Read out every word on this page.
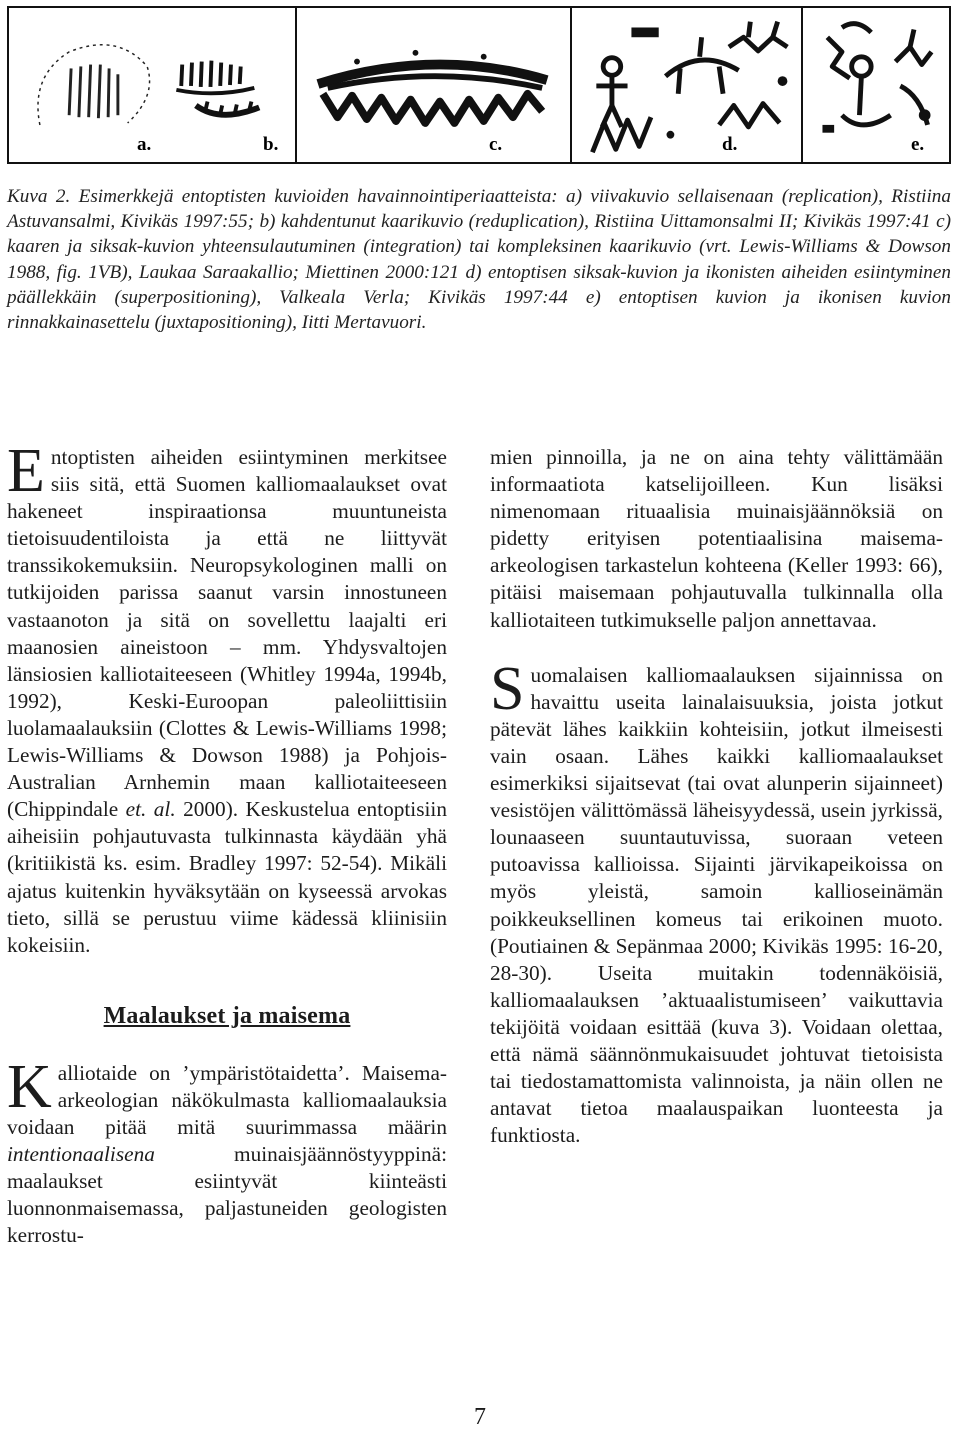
a.	b.	c.	d.	e.
Kuva 2. Esimerkkejä entoptisten kuvioiden havainnointiperiaatteista: a) viivakuvio sellaisenaan (replication), Ristiina Astuvansalmi, Kivikäs 1997:55; b) kahdentunut kaarikuvio (reduplication), Ristiina Uittamonsalmi II; Kivikäs 1997:41 c) kaaren ja siksak-kuvion yhteensulautuminen (integration) tai kompleksinen kaarikuvio (vrt. Lewis-Williams & Dowson 1988, fig. 1VB), Laukaa Saraakallio; Miettinen 2000:121 d) entoptisen siksak-kuvion ja ikonisten aiheiden esiintyminen päällekkäin (superpositioning), Valkeala Verla; Kivikäs 1997:44 e) entoptisen kuvion ja ikonisen kuvion rinnakkainasettelu (juxtapositioning), Iitti Mertavuori.

Entoptisten aiheiden esiintyminen merkitsee siis sitä, että Suomen kalliomaalaukset ovat hakeneet inspiraationsa muuntuneista tietoisuudentiloista ja että ne liittyvät transsikokemuksiin. Neuropsykologinen malli on tutkijoiden parissa saanut varsin innostuneen vastaanoton ja sitä on sovellettu laajalti eri maanosien aineistoon – mm. Yhdysvaltojen länsiosien kalliotaiteeseen (Whitley 1994a, 1994b, 1992), Keski-Euroopan paleoliittisiin luolamaalauksiin (Clottes & Lewis-Williams 1998; Lewis-Williams & Dowson 1988) ja Pohjois-Australian Arnhemin maan kalliotaiteeseen (Chippindale et. al. 2000). Keskustelua entoptisiin aiheisiin pohjautuvasta tulkinnasta käydään yhä (kritiikistä ks. esim. Bradley 1997: 52-54). Mikäli ajatus kuitenkin hyväksytään on kyseessä arvokas tieto, sillä se perustuu viime kädessä kliinisiin kokeisiin.

Maalaukset ja maisema

Kalliotaide on ’ympäristötaidetta’. Maisema-arkeologian näkökulmasta kalliomaalauksia voidaan pitää mitä suurimmassa määrin intentionaalisena	muinaisjäännöstyyppinä: maalaukset esiintyvät kiinteästi luonnonmaisemassa, paljastuneiden geologisten kerrostu-

mien pinnoilla, ja ne on aina tehty välittämään informaatiota katselijoilleen. Kun lisäksi nimenomaan rituaalisia muinaisjäännöksiä on pidetty erityisen potentiaalisina maisema-arkeologisen tarkastelun kohteena (Keller 1993: 66), pitäisi maisemaan pohjautuvalla tulkinnalla olla kalliotaiteen tutkimukselle paljon annettavaa.

Suomalaisen kalliomaalauksen sijainnissa on havaittu useita lainalaisuuksia, joista jotkut pätevät lähes kaikkiin kohteisiin, jotkut ilmeisesti vain osaan. Lähes kaikki kalliomaalaukset esimerkiksi sijaitsevat (tai ovat alunperin sijainneet) vesistöjen välittömässä läheisyydessä, usein jyrkissä, lounaaseen suuntautuvissa, suoraan veteen putoavissa kallioissa. Sijainti järvikapeikoissa on myös yleistä, samoin kallioseinämän poikkeuksellinen komeus tai erikoinen muoto. (Poutiainen & Sepänmaa 2000; Kivikäs 1995: 16-20, 28-30). Useita muitakin todennäköisiä, kalliomaalauksen ’aktuaalistumiseen’ vaikuttavia tekijöitä voidaan esittää (kuva 3). Voidaan olettaa, että nämä säännönmukaisuudet johtuvat tietoisista tai tiedostamattomista valinnoista, ja näin ollen ne antavat tietoa maalauspaikan luonteesta ja funktiosta.

7
